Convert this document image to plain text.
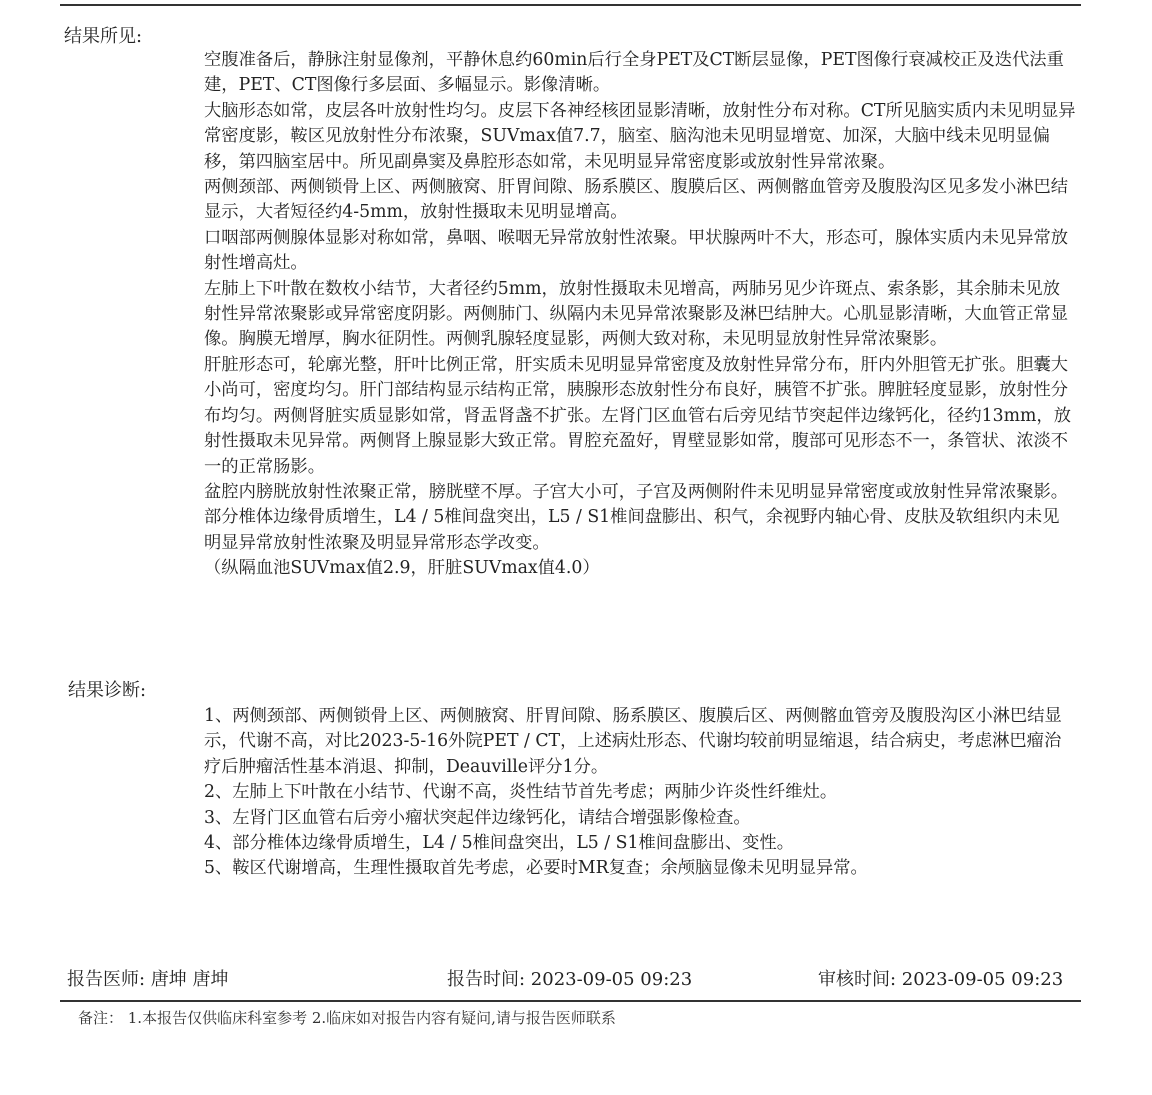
结果所见:

空腹准备后，静脉注射显像剂，平静休息约60min后行全身PET及CT断层显像，PET图像行衰减校正及迭代法重建，PET、CT图像行多层面、多幅显示。影像清晰。

大脑形态如常，皮层各叶放射性均匀。皮层下各神经核团显影清晰，放射性分布对称。CT所见脑实质内未见明显异常密度影，鞍区见放射性分布浓聚，SUVmax值7.7，脑室、脑沟池未见明显增宽、加深，大脑中线未见明显偏移，第四脑室居中。所见副鼻窦及鼻腔形态如常，未见明显异常密度影或放射性异常浓聚。

两侧颈部、两侧锁骨上区、两侧腋窝、肝胃间隙、肠系膜区、腹膜后区、两侧髂血管旁及腹股沟区见多发小淋巴结显示，大者短径约4-5mm，放射性摄取未见明显增高。

口咽部两侧腺体显影对称如常，鼻咽、喉咽无异常放射性浓聚。甲状腺两叶不大，形态可，腺体实质内未见异常放射性增高灶。

左肺上下叶散在数枚小结节，大者径约5mm，放射性摄取未见增高，两肺另见少许斑点、索条影，其余肺未见放射性异常浓聚影或异常密度阴影。两侧肺门、纵隔内未见异常浓聚影及淋巴结肿大。心肌显影清晰，大血管正常显像。胸膜无增厚，胸水征阴性。两侧乳腺轻度显影，两侧大致对称，未见明显放射性异常浓聚影。

肝脏形态可，轮廓光整，肝叶比例正常，肝实质未见明显异常密度及放射性异常分布，肝内外胆管无扩张。胆囊大小尚可，密度均匀。肝门部结构显示结构正常，胰腺形态放射性分布良好，胰管不扩张。脾脏轻度显影，放射性分布均匀。两侧肾脏实质显影如常，肾盂肾盏不扩张。左肾门区血管右后旁见结节突起伴边缘钙化，径约13mm，放射性摄取未见异常。两侧肾上腺显影大致正常。胃腔充盈好，胃壁显影如常，腹部可见形态不一，条管状、浓淡不一的正常肠影。

盆腔内膀胱放射性浓聚正常，膀胱壁不厚。子宫大小可，子宫及两侧附件未见明显异常密度或放射性异常浓聚影。

部分椎体边缘骨质增生，L4 / 5椎间盘突出，L5 / S1椎间盘膨出、积气，余视野内轴心骨、皮肤及软组织内未见明显异常放射性浓聚及明显异常形态学改变。

（纵隔血池SUVmax值2.9，肝脏SUVmax值4.0）

结果诊断:

1、两侧颈部、两侧锁骨上区、两侧腋窝、肝胃间隙、肠系膜区、腹膜后区、两侧髂血管旁及腹股沟区小淋巴结显示，代谢不高，对比2023-5-16外院PET / CT，上述病灶形态、代谢均较前明显缩退，结合病史，考虑淋巴瘤治疗后肿瘤活性基本消退、抑制，Deauville评分1分。

2、左肺上下叶散在小结节、代谢不高，炎性结节首先考虑；两肺少许炎性纤维灶。

3、左肾门区血管右后旁小瘤状突起伴边缘钙化，请结合增强影像检查。

4、部分椎体边缘骨质增生，L4 / 5椎间盘突出，L5 / S1椎间盘膨出、变性。

5、鞍区代谢增高，生理性摄取首先考虑，必要时MR复查；余颅脑显像未见明显异常。

报告医师: 唐坤 唐坤	报告时间: 2023-09-05 09:23	审核时间: 2023-09-05 09:23
备注： 1.本报告仅供临床科室参考 2.临床如对报告内容有疑问,请与报告医师联系
